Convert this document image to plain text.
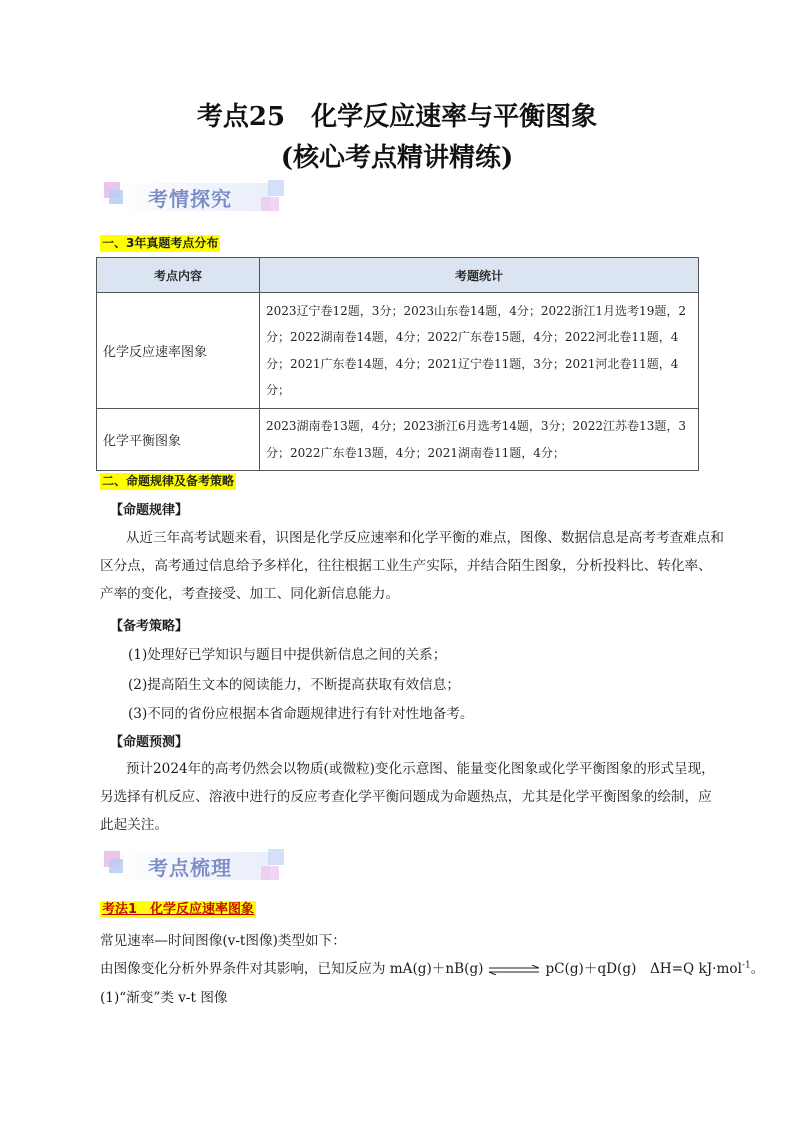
考点25　化学反应速率与平衡图象
(核心考点精讲精练)
考情探究
一、3年真题考点分布
考点内容	考题统计
化学反应速率图象	2023辽宁卷12题，3分；2023山东卷14题，4分；2022浙江1月选考19题，2分；2022湖南卷14题，4分；2022广东卷15题，4分；2022河北卷11题，4分；2021广东卷14题，4分；2021辽宁卷11题，3分；2021河北卷11题，4分；
化学平衡图象	2023湖南卷13题，4分；2023浙江6月选考14题，3分；2022江苏卷13题，3分；2022广东卷13题，4分；2021湖南卷11题，4分；
二、命题规律及备考策略
【命题规律】

从近三年高考试题来看，识图是化学反应速率和化学平衡的难点，图像、数据信息是高考考查难点和区分点，高考通过信息给予多样化，往往根据工业生产实际，并结合陌生图象，分析投料比、转化率、产率的变化，考查接受、加工、同化新信息能力。

【备考策略】
(1)处理好已学知识与题目中提供新信息之间的关系；
(2)提高陌生文本的阅读能力，不断提高获取有效信息；
(3)不同的省份应根据本省命题规律进行有针对性地备考。
【命题预测】

预计2024年的高考仍然会以物质(或微粒)变化示意图、能量变化图象或化学平衡图象的形式呈现，另选择有机反应、溶液中进行的反应考查化学平衡问题成为命题热点，尤其是化学平衡图象的绘制，应此起关注。

考点梳理
考法1　化学反应速率图象
常见速率—时间图像(v-t图像)类型如下：
由图像变化分析外界条件对其影响，已知反应为 mA(g)＋nB(g) ⇌ pC(g)＋qD(g)　ΔH=Q kJ·mol$^{-1}$。
(1)“渐变”类 v-t 图像
